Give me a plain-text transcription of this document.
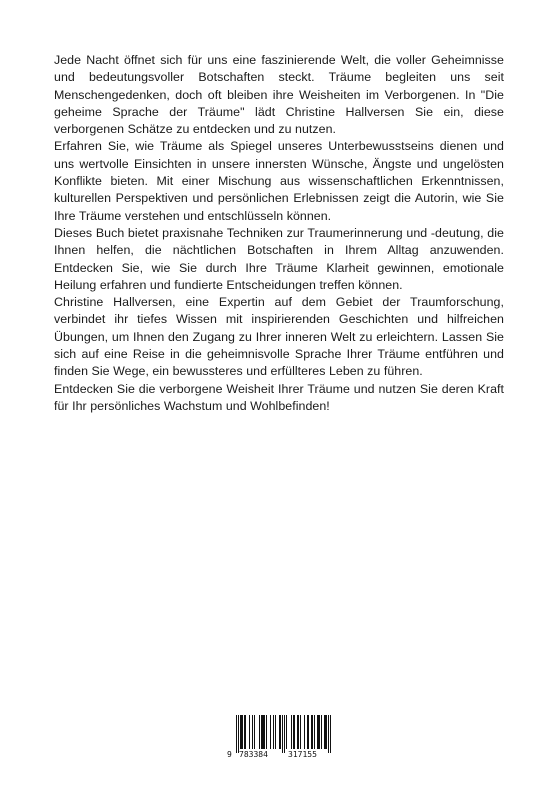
Jede Nacht öffnet sich für uns eine faszinierende Welt, die voller Geheimnisse und bedeutungsvoller Botschaften steckt. Träume begleiten uns seit Menschengedenken, doch oft bleiben ihre Weisheiten im Verborgenen. In "Die geheime Sprache der Träume" lädt Christine Hallversen Sie ein, diese verborgenen Schätze zu entdecken und zu nutzen.

Erfahren Sie, wie Träume als Spiegel unseres Unterbewusstseins dienen und uns wertvolle Einsichten in unsere innersten Wünsche, Ängste und ungelösten Konflikte bieten. Mit einer Mischung aus wissenschaftlichen Erkenntnissen, kulturellen Perspektiven und persönlichen Erlebnissen zeigt die Autorin, wie Sie Ihre Träume verstehen und entschlüsseln können.

Dieses Buch bietet praxisnahe Techniken zur Traumerinnerung und -deutung, die Ihnen helfen, die nächtlichen Botschaften in Ihrem Alltag anzuwenden. Entdecken Sie, wie Sie durch Ihre Träume Klarheit gewinnen, emotionale Heilung erfahren und fundierte Entscheidungen treffen können.

Christine Hallversen, eine Expertin auf dem Gebiet der Traumforschung, verbindet ihr tiefes Wissen mit inspirierenden Geschichten und hilfreichen Übungen, um Ihnen den Zugang zu Ihrer inneren Welt zu erleichtern. Lassen Sie sich auf eine Reise in die geheimnisvolle Sprache Ihrer Träume entführen und finden Sie Wege, ein bewussteres und erfüllteres Leben zu führen.

Entdecken Sie die verborgene Weisheit Ihrer Träume und nutzen Sie deren Kraft für Ihr persönliches Wachstum und Wohlbefinden!

9 783384	317155
